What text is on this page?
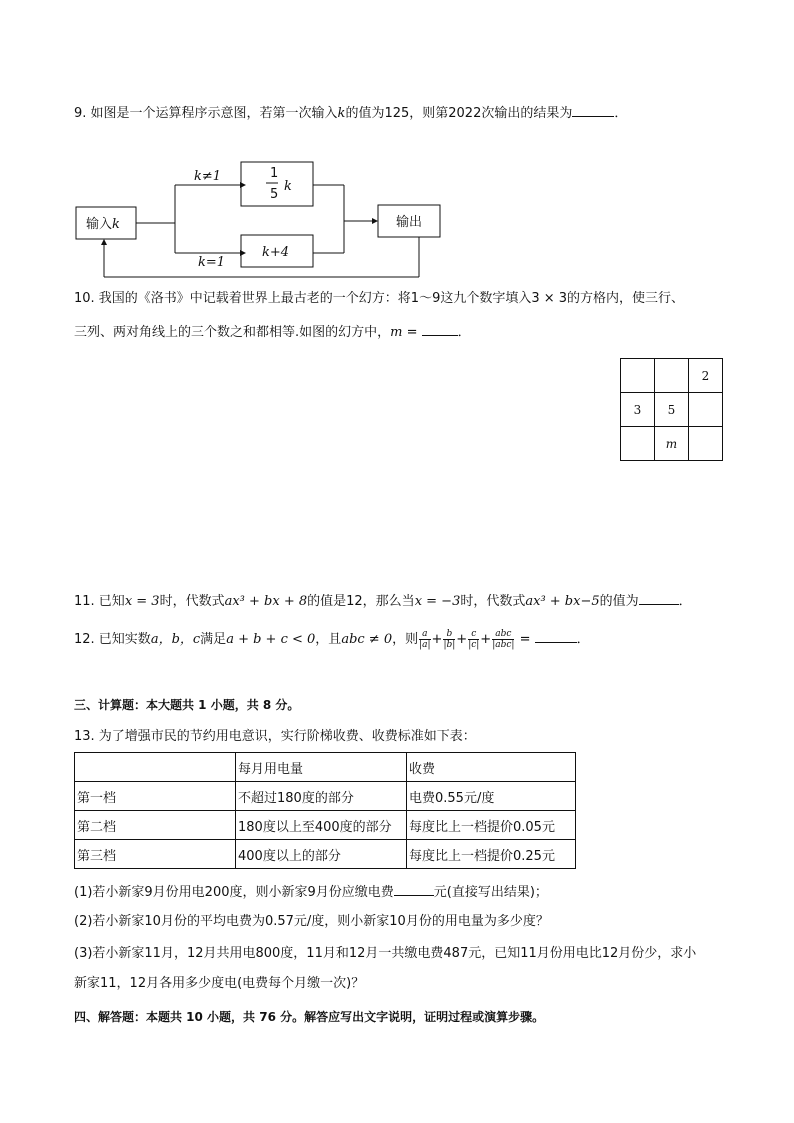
9. 如图是一个运算程序示意图，若第一次输入k的值为125，则第2022次输出的结果为	．
输入k
k≠1
k=1
1
5
k
k+4
输出
10. 我国的《洛书》中记载着世界上最古老的一个幻方：将1～9这九个数字填入3 × 3的方格内，使三行、
三列、两对角线上的三个数之和都相等.如图的幻方中，m =	．
		2
3	5	
	m	
11. 已知x = 3时，代数式ax³ + bx + 8的值是12，那么当x = −3时，代数式ax³ + bx−5的值为	．
12. 已知实数a，b，c满足a + b + c < 0，且abc ≠ 0，则 $\frac{a}{|a|} + \frac{b}{|b|} + \frac{c}{|c|} + \frac{\text{abc}}{\text{|abc|}}$ =	．
三、计算题：本大题共 1 小题，共 8 分。
13. 为了增强市民的节约用电意识，实行阶梯收费、收费标准如下表：
	每月用电量	收费
第一档	不超过180度的部分	电费0.55元/度
第二档	180度以上至400度的部分	每度比上一档提价0.05元
第三档	400度以上的部分	每度比上一档提价0.25元
(1)若小新家9月份用电200度，则小新家9月份应缴电费	元(直接写出结果)；
(2)若小新家10月份的平均电费为0.57元/度，则小新家10月份的用电量为多少度？
(3)若小新家11月，12月共用电800度，11月和12月一共缴电费487元，已知11月份用电比12月份少，求小
新家11，12月各用多少度电(电费每个月缴一次)？
四、解答题：本题共 10 小题，共 76 分。解答应写出文字说明，证明过程或演算步骤。
